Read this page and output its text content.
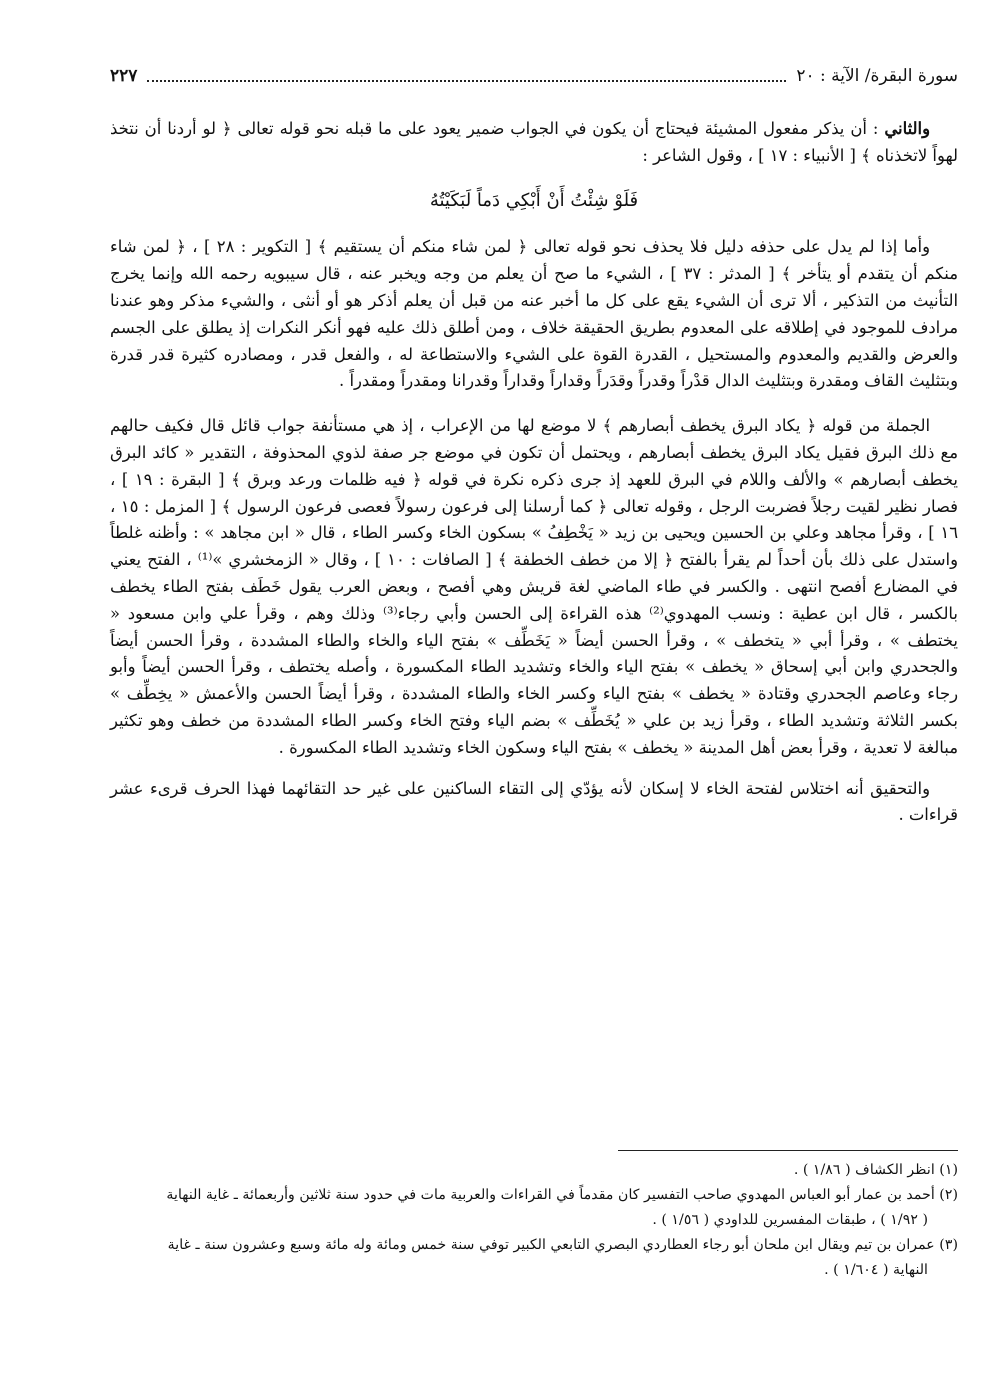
سورة البقرة/ الآية : ٢٠
٢٢٧

والثاني : أن يذكر مفعول المشيئة فيحتاج أن يكون في الجواب ضمير يعود على ما قبله نحو قوله تعالى ﴿ لو أردنا أن نتخذ لهواً لاتخذناه ﴾ [ الأنبياء : ١٧ ] ، وقول الشاعر :

فَلَوْ شِئْتُ أَنْ أَبْكِي دَماً لَبَكَيْتُهُ

وأما إذا لم يدل على حذفه دليل فلا يحذف نحو قوله تعالى ﴿ لمن شاء منكم أن يستقيم ﴾ [ التكوير : ٢٨ ] ، ﴿ لمن شاء منكم أن يتقدم أو يتأخر ﴾ [ المدثر : ٣٧ ] ، الشيء ما صح أن يعلم من وجه ويخبر عنه ، قال سيبويه رحمه الله وإنما يخرج التأنيث من التذكير ، ألا ترى أن الشيء يقع على كل ما أخبر عنه من قبل أن يعلم أذكر هو أو أنثى ، والشيء مذكر وهو عندنا مرادف للموجود في إطلاقه على المعدوم بطريق الحقيقة خلاف ، ومن أطلق ذلك عليه فهو أنكر النكرات إذ يطلق على الجسم والعرض والقديم والمعدوم والمستحيل ، القدرة القوة على الشيء والاستطاعة له ، والفعل قدر ، ومصادره كثيرة قدر قدرة وبتثليث القاف ومقدرة وبتثليث الدال قدْراً وقدراً وقدَراً وقداراً وقداراً وقدرانا ومقدراً ومقدراً .

الجملة من قوله ﴿ يكاد البرق يخطف أبصارهم ﴾ لا موضع لها من الإعراب ، إذ هي مستأنفة جواب قائل قال فكيف حالهم مع ذلك البرق فقيل يكاد البرق يخطف أبصارهم ، ويحتمل أن تكون في موضع جر صفة لذوي المحذوفة ، التقدير « كائد البرق يخطف أبصارهم » والألف واللام في البرق للعهد إذ جرى ذكره نكرة في قوله ﴿ فيه ظلمات ورعد وبرق ﴾ [ البقرة : ١٩ ] ، فصار نظير لقيت رجلاً فضربت الرجل ، وقوله تعالى ﴿ كما أرسلنا إلى فرعون رسولاً فعصى فرعون الرسول ﴾ [ المزمل : ١٥ ، ١٦ ] ، وقرأ مجاهد وعلي بن الحسين ويحيى بن زيد « يَخْطِفُ » بسكون الخاء وكسر الطاء ، قال « ابن مجاهد » : وأظنه غلطاً واستدل على ذلك بأن أحداً لم يقرأ بالفتح ﴿ إلا من خطف الخطفة ﴾ [ الصافات : ١٠ ] ، وقال « الزمخشري »⁽¹⁾ ، الفتح يعني في المضارع أفصح انتهى . والكسر في طاء الماضي لغة قريش وهي أفصح ، وبعض العرب يقول خَطَف بفتح الطاء يخطف بالكسر ، قال ابن عطية : ونسب المهدوي⁽²⁾ هذه القراءة إلى الحسن وأبي رجاء⁽³⁾ وذلك وهم ، وقرأ علي وابن مسعود « يختطف » ، وقرأ أبي « يتخطف » ، وقرأ الحسن أيضاً « يَخَطِّف » بفتح الياء والخاء والطاء المشددة ، وقرأ الحسن أيضاً والجحدري وابن أبي إسحاق « يخطف » بفتح الياء والخاء وتشديد الطاء المكسورة ، وأصله يختطف ، وقرأ الحسن أيضاً وأبو رجاء وعاصم الجحدري وقتادة « يخطف » بفتح الياء وكسر الخاء والطاء المشددة ، وقرأ أيضاً الحسن والأعمش « يخِطِّف » بكسر الثلاثة وتشديد الطاء ، وقرأ زيد بن علي « يُخَطِّف » بضم الياء وفتح الخاء وكسر الطاء المشددة من خطف وهو تكثير مبالغة لا تعدية ، وقرأ بعض أهل المدينة « يخطف » بفتح الياء وسكون الخاء وتشديد الطاء المكسورة .

والتحقيق أنه اختلاس لفتحة الخاء لا إسكان لأنه يؤدّي إلى التقاء الساكنين على غير حد التقائهما فهذا الحرف قرىء عشر قراءات .

(١) انظر الكشاف ( ١/٨٦ ) .

(٢) أحمد بن عمار أبو العباس المهدوي صاحب التفسير كان مقدماً في القراءات والعربية مات في حدود سنة ثلاثين وأربعمائة ـ غاية النهاية

( ١/٩٢ ) ، طبقات المفسرين للداودي ( ١/٥٦ ) .

(٣) عمران بن تيم ويقال ابن ملحان أبو رجاء العطاردي البصري التابعي الكبير توفي سنة خمس ومائة وله مائة وسبع وعشرون سنة ـ غاية

النهاية ( ١/٦٠٤ ) .
